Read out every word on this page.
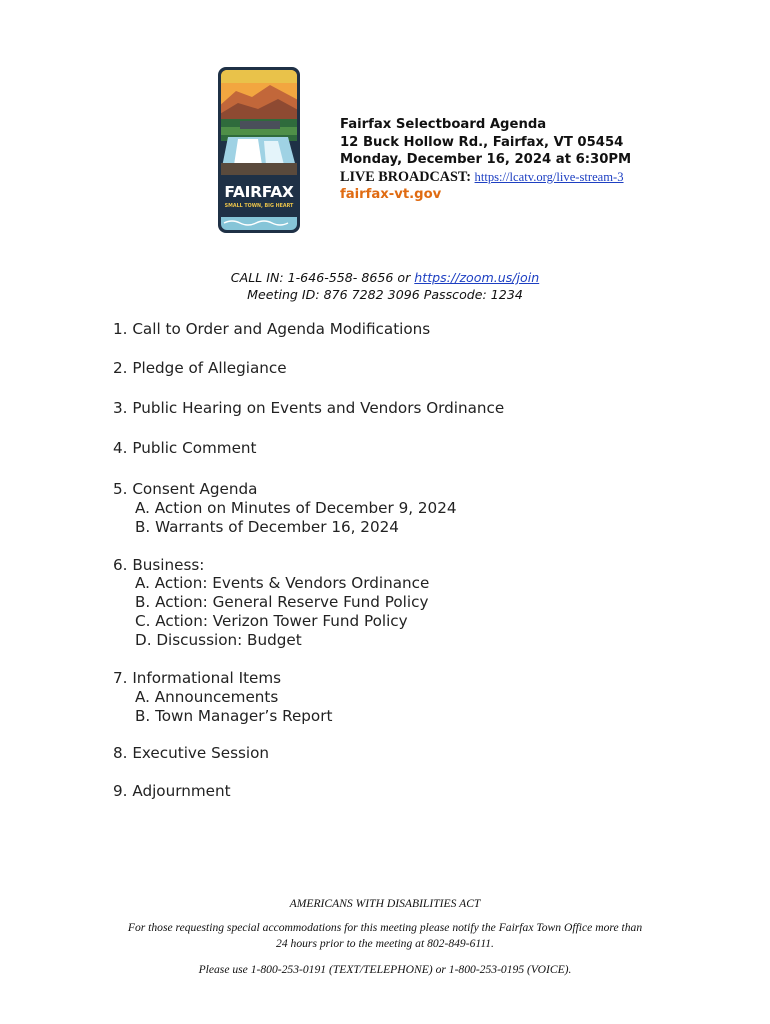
FAIRFAX
SMALL TOWN, BIG HEART
Fairfax Selectboard Agenda
12 Buck Hollow Rd., Fairfax, VT 05454
Monday, December 16, 2024 at 6:30PM
LIVE BROADCAST: https://lcatv.org/live-stream-3
fairfax-vt.gov
CALL IN: 1-646-558- 8656 or https://zoom.us/join
Meeting ID: 876 7282 3096 Passcode: 1234
1. Call to Order and Agenda Modifications
2. Pledge of Allegiance
3. Public Hearing on Events and Vendors Ordinance
4. Public Comment
5. Consent Agenda
A. Action on Minutes of December 9, 2024
B. Warrants of December 16, 2024
6. Business:
A. Action: Events & Vendors Ordinance
B. Action: General Reserve Fund Policy
C. Action: Verizon Tower Fund Policy
D. Discussion: Budget
7. Informational Items
A. Announcements
B. Town Manager’s Report
8. Executive Session
9. Adjournment
AMERICANS WITH DISABILITIES ACT
For those requesting special accommodations for this meeting please notify the Fairfax Town Office more than
24 hours prior to the meeting at 802-849-6111.
Please use 1-800-253-0191 (TEXT/TELEPHONE) or 1-800-253-0195 (VOICE).
